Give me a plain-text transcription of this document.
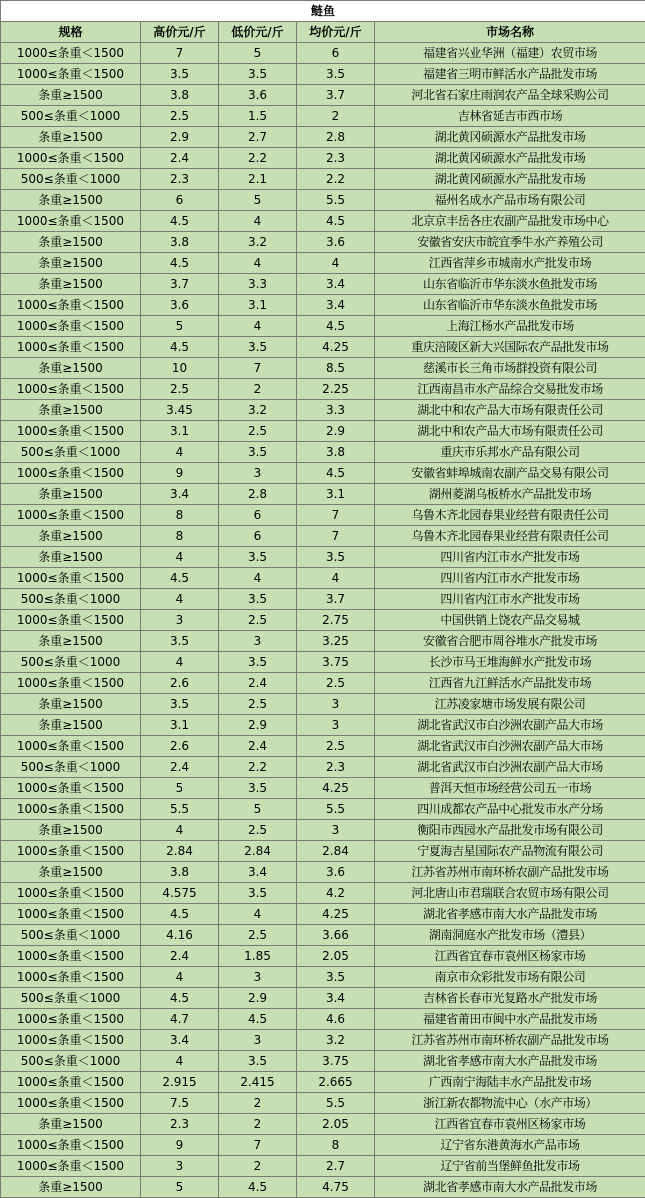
鲢鱼				
规格	高价元/斤	低价元/斤	均价元/斤	市场名称
1000≤条重＜1500	7	5	6	福建省兴业华洲（福建）农贸市场
1000≤条重＜1500	3.5	3.5	3.5	福建省三明市鲜活水产品批发市场
条重≥1500	3.8	3.6	3.7	河北省石家庄雨润农产品全球采购公司
500≤条重＜1000	2.5	1.5	2	吉林省延吉市西市场
条重≥1500	2.9	2.7	2.8	湖北黄冈硕源水产品批发市场
1000≤条重＜1500	2.4	2.2	2.3	湖北黄冈硕源水产品批发市场
500≤条重＜1000	2.3	2.1	2.2	湖北黄冈硕源水产品批发市场
条重≥1500	6	5	5.5	福州名成水产品市场有限公司
1000≤条重＜1500	4.5	4	4.5	北京京丰岳各庄农副产品批发市场中心
条重≥1500	3.8	3.2	3.6	安徽省安庆市皖宜季牛水产养殖公司
条重≥1500	4.5	4	4	江西省萍乡市城南水产批发市场
条重≥1500	3.7	3.3	3.4	山东省临沂市华东淡水鱼批发市场
1000≤条重＜1500	3.6	3.1	3.4	山东省临沂市华东淡水鱼批发市场
1000≤条重＜1500	5	4	4.5	上海江杨水产品批发市场
1000≤条重＜1500	4.5	3.5	4.25	重庆涪陵区新大兴国际农产品批发市场
条重≥1500	10	7	8.5	慈溪市长三角市场群投资有限公司
1000≤条重＜1500	2.5	2	2.25	江西南昌市水产品综合交易批发市场
条重≥1500	3.45	3.2	3.3	湖北中和农产品大市场有限责任公司
1000≤条重＜1500	3.1	2.5	2.9	湖北中和农产品大市场有限责任公司
500≤条重＜1000	4	3.5	3.8	重庆市乐邦水产品有限公司
1000≤条重＜1500	9	3	4.5	安徽省蚌埠城南农副产品交易有限公司
条重≥1500	3.4	2.8	3.1	湖州菱湖乌板桥水产品批发市场
1000≤条重＜1500	8	6	7	乌鲁木齐北园春果业经营有限责任公司
条重≥1500	8	6	7	乌鲁木齐北园春果业经营有限责任公司
条重≥1500	4	3.5	3.5	四川省内江市水产批发市场
1000≤条重＜1500	4.5	4	4	四川省内江市水产批发市场
500≤条重＜1000	4	3.5	3.7	四川省内江市水产批发市场
1000≤条重＜1500	3	2.5	2.75	中国供销上饶农产品交易城
条重≥1500	3.5	3	3.25	安徽省合肥市周谷堆水产批发市场
500≤条重＜1000	4	3.5	3.75	长沙市马王堆海鲜水产批发市场
1000≤条重＜1500	2.6	2.4	2.5	江西省九江鲜活水产品批发市场
条重≥1500	3.5	2.5	3	江苏凌家塘市场发展有限公司
条重≥1500	3.1	2.9	3	湖北省武汉市白沙洲农副产品大市场
1000≤条重＜1500	2.6	2.4	2.5	湖北省武汉市白沙洲农副产品大市场
500≤条重＜1000	2.4	2.2	2.3	湖北省武汉市白沙洲农副产品大市场
1000≤条重＜1500	5	3.5	4.25	普洱天恒市场经营公司五一市场
1000≤条重＜1500	5.5	5	5.5	四川成都农产品中心批发市水产分场
条重≥1500	4	2.5	3	衡阳市西园水产品批发市场有限公司
1000≤条重＜1500	2.84	2.84	2.84	宁夏海吉星国际农产品物流有限公司
条重≥1500	3.8	3.4	3.6	江苏省苏州市南环桥农副产品批发市场
1000≤条重＜1500	4.575	3.5	4.2	河北唐山市君瑞联合农贸市场有限公司
1000≤条重＜1500	4.5	4	4.25	湖北省孝感市南大水产品批发市场
500≤条重＜1000	4.16	2.5	3.66	湖南洞庭水产批发市场（澧县）
1000≤条重＜1500	2.4	1.85	2.05	江西省宜春市袁州区杨家市场
1000≤条重＜1500	4	3	3.5	南京市众彩批发市场有限公司
500≤条重＜1000	4.5	2.9	3.4	吉林省长春市光复路水产批发市场
1000≤条重＜1500	4.7	4.5	4.6	福建省莆田市闽中水产品批发市场
1000≤条重＜1500	3.4	3	3.2	江苏省苏州市南环桥农副产品批发市场
500≤条重＜1000	4	3.5	3.75	湖北省孝感市南大水产品批发市场
1000≤条重＜1500	2.915	2.415	2.665	广西南宁海陆丰水产品批发市场
1000≤条重＜1500	7.5	2	5.5	浙江新农都物流中心（水产市场）
条重≥1500	2.3	2	2.05	江西省宜春市袁州区杨家市场
1000≤条重＜1500	9	7	8	辽宁省东港黄海水产品市场
1000≤条重＜1500	3	2	2.7	辽宁省前当堡鲜鱼批发市场
条重≥1500	5	4.5	4.75	湖北省孝感市南大水产品批发市场
